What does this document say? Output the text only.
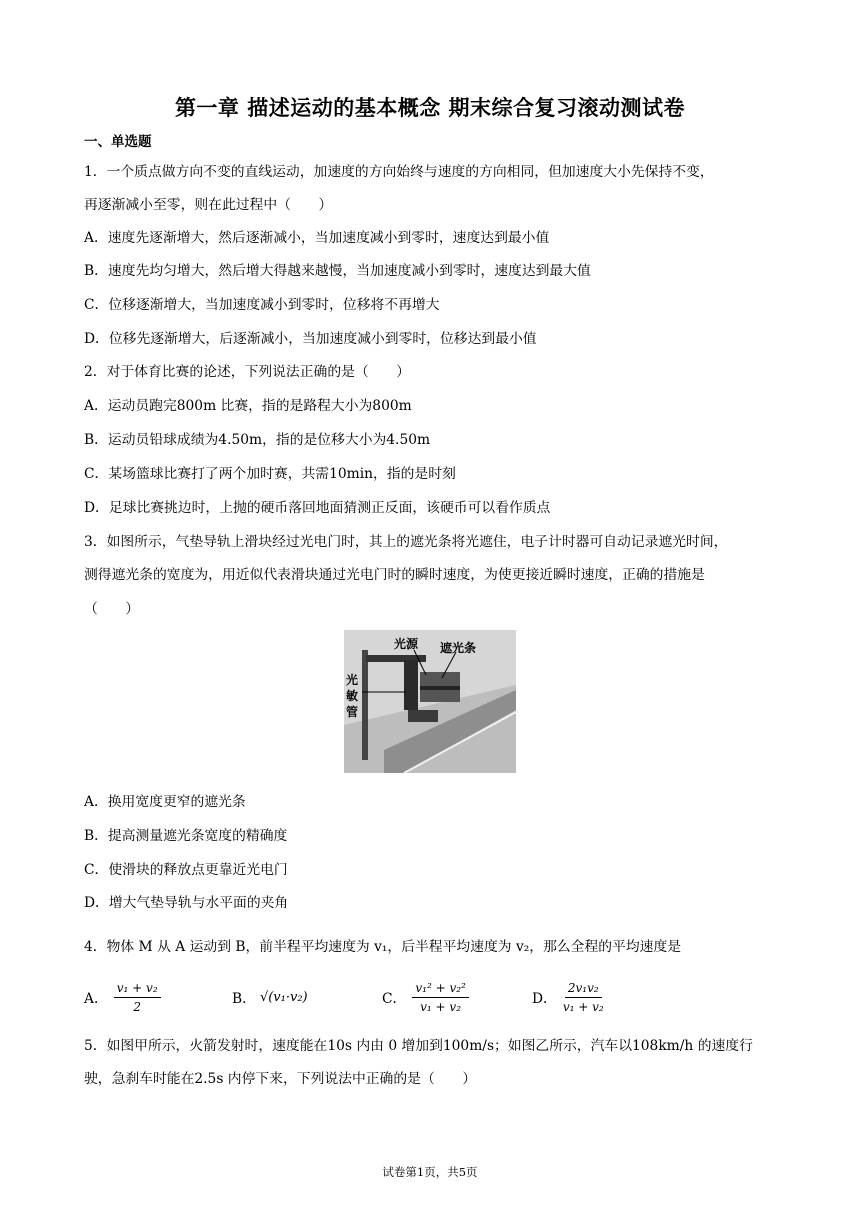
第一章 描述运动的基本概念 期末综合复习滚动测试卷
一、单选题
1．一个质点做方向不变的直线运动，加速度的方向始终与速度的方向相同，但加速度大小先保持不变，
再逐渐减小至零，则在此过程中（　　）
A．速度先逐渐增大，然后逐渐减小，当加速度减小到零时，速度达到最小值
B．速度先均匀增大，然后增大得越来越慢，当加速度减小到零时，速度达到最大值
C．位移逐渐增大，当加速度减小到零时，位移将不再增大
D．位移先逐渐增大，后逐渐减小，当加速度减小到零时，位移达到最小值
2．对于体育比赛的论述，下列说法正确的是（　　）
A．运动员跑完800m 比赛，指的是路程大小为800m
B．运动员铅球成绩为4.50m，指的是位移大小为4.50m
C．某场篮球比赛打了两个加时赛，共需10min，指的是时刻
D．足球比赛挑边时，上抛的硬币落回地面猜测正反面，该硬币可以看作质点
3．如图所示，气垫导轨上滑块经过光电门时，其上的遮光条将光遮住，电子计时器可自动记录遮光时间，
测得遮光条的宽度为，用近似代表滑块通过光电门时的瞬时速度，为使更接近瞬时速度，正确的措施是
（　　）
A．换用宽度更窄的遮光条
B．提高测量遮光条宽度的精确度
C．使滑块的释放点更靠近光电门
D．增大气垫导轨与水平面的夹角
4．物体 M 从 A 运动到 B，前半程平均速度为 v₁，后半程平均速度为 v₂，那么全程的平均速度是
5．如图甲所示，火箭发射时，速度能在10s 内由 0 增加到100m/s；如图乙所示，汽车以108km/h 的速度行
驶，急刹车时能在2.5s 内停下来，下列说法中正确的是（　　）
光源 遮光条
光
敏
管
A． $\frac{\text{v₁ + v₂}}{2}$	B． √(v₁·v₂)	C． $\frac{\text{v₁² + v₂²}}{\text{v₁ + v₂}}$	D． $\frac{\text{2v₁v₂}}{\text{v₁ + v₂}}$
试卷第1页，共5页
